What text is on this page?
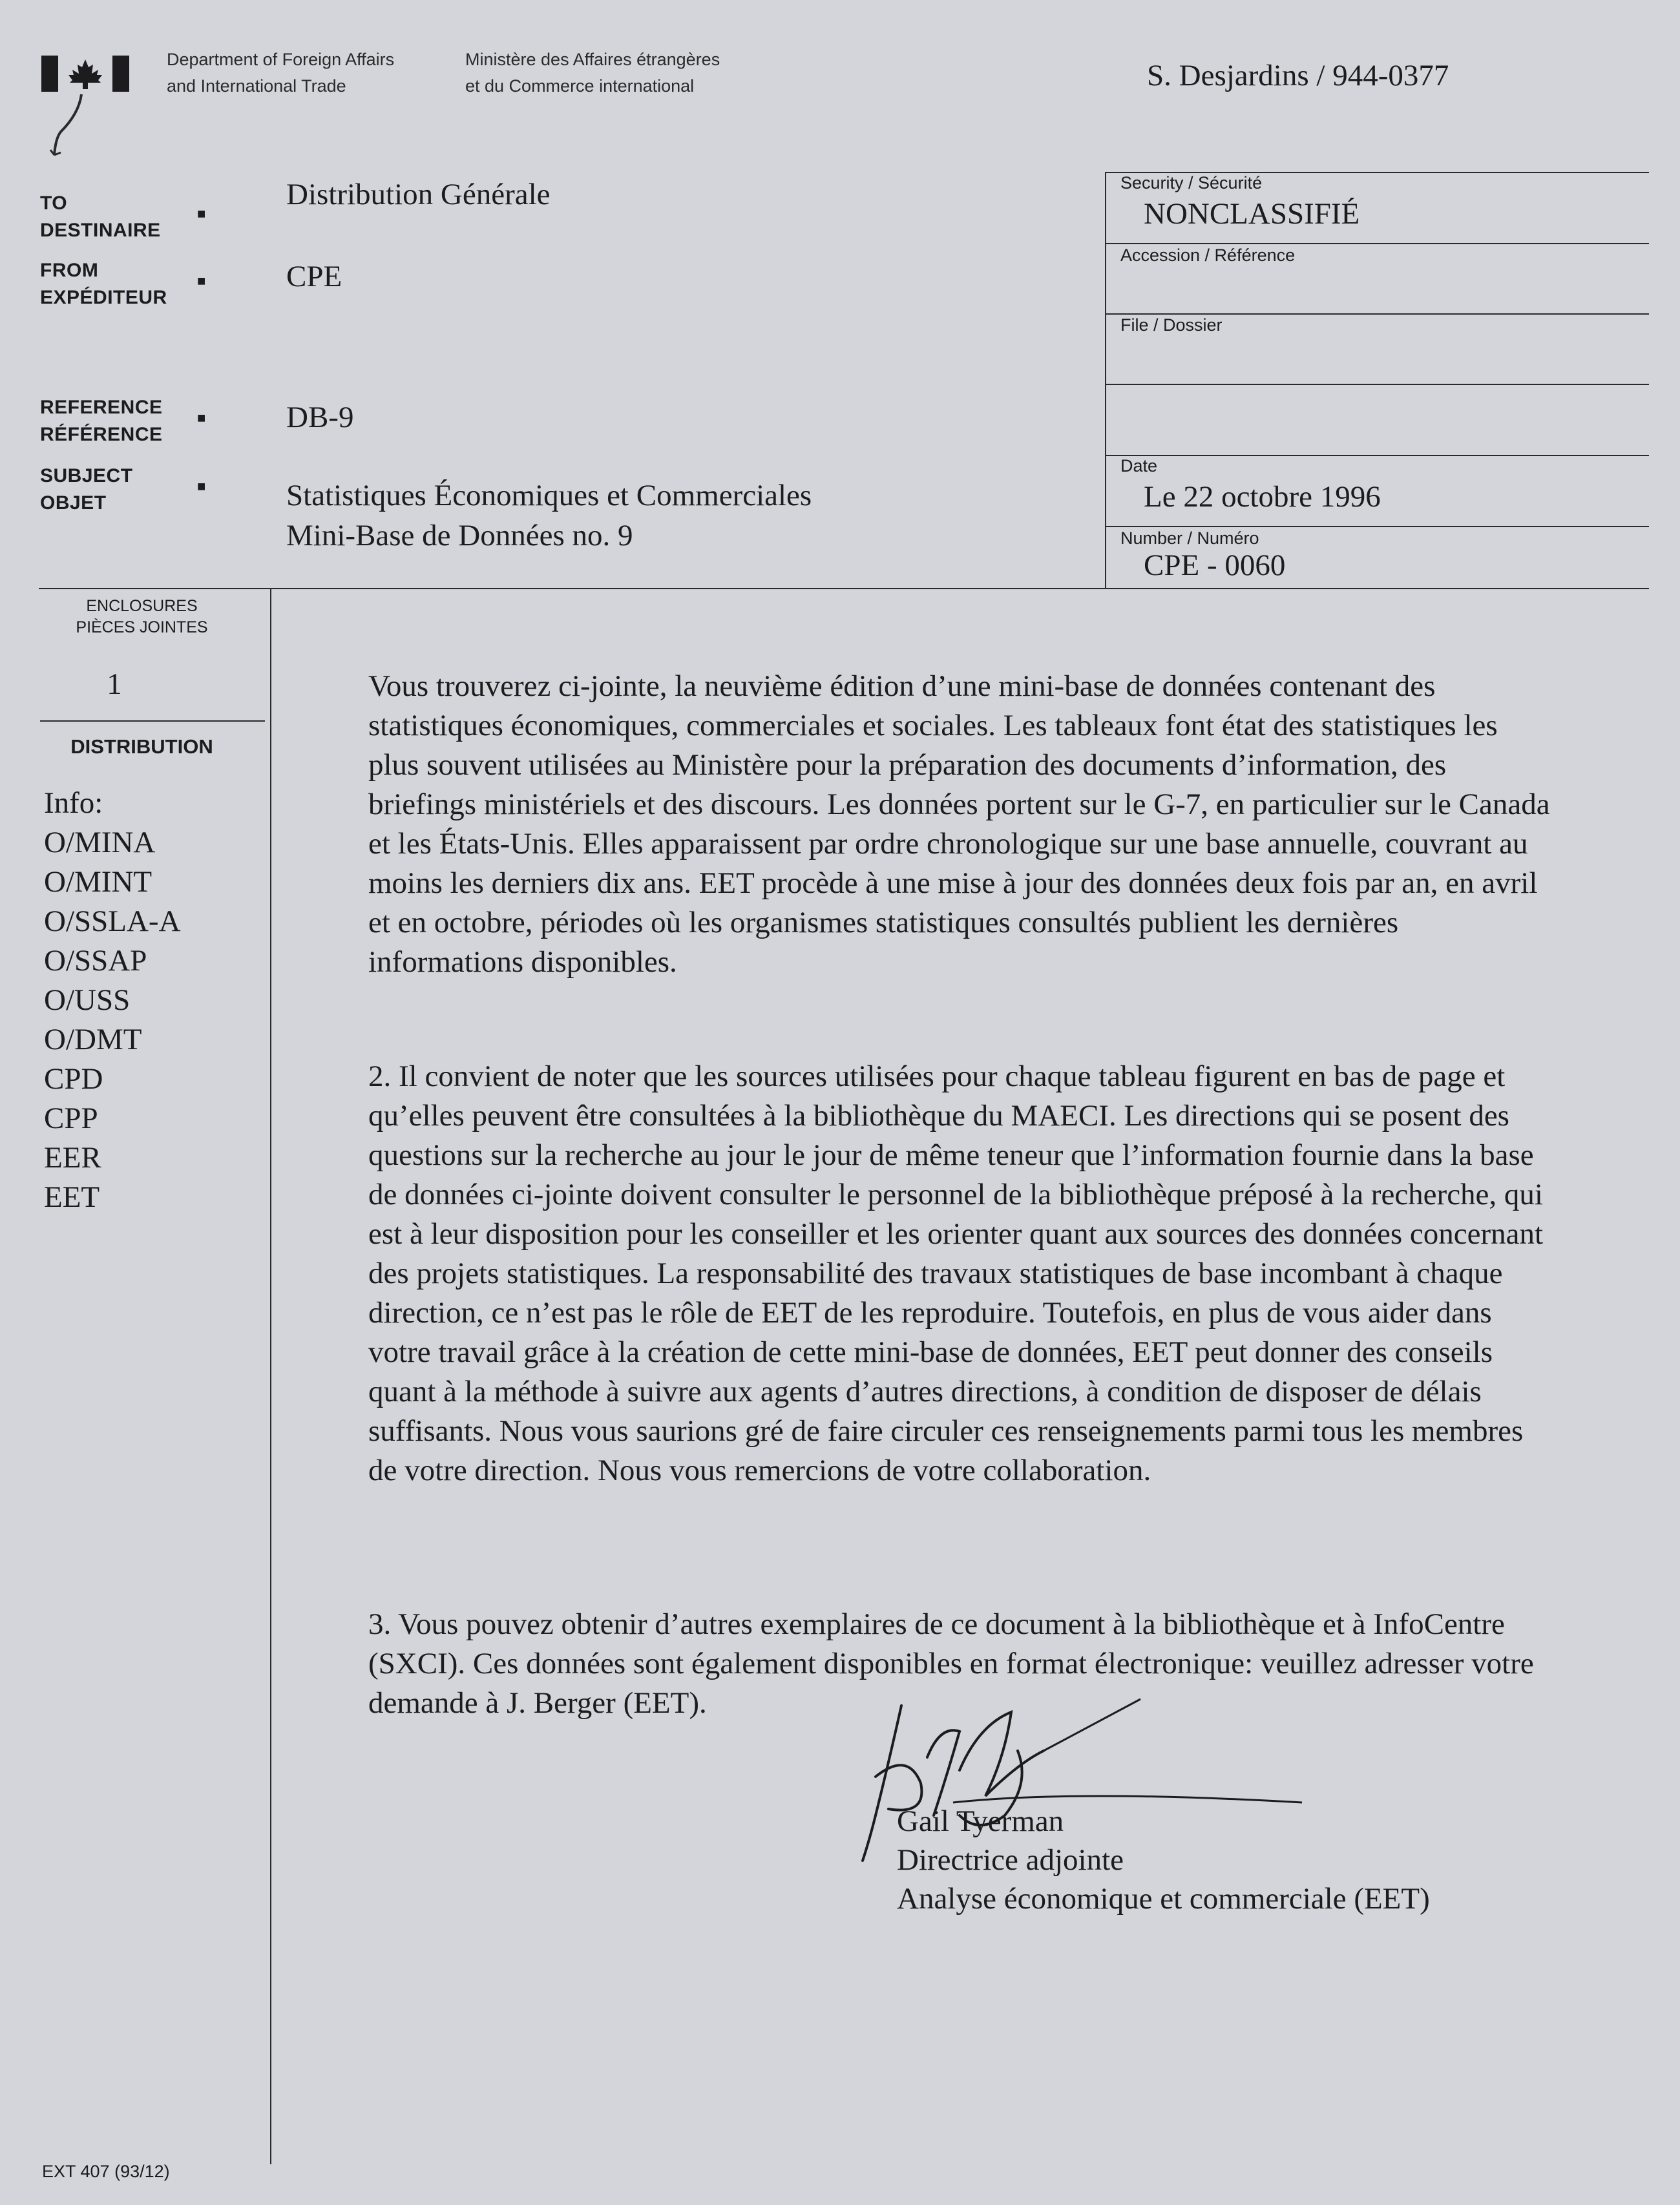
Department of Foreign Affairs
and International Trade
Ministère des Affaires étrangères
et du Commerce international	S. Desjardins / 944-0377
TO
DESTINAIRE
■
Distribution Générale
FROM
EXPÉDITEUR
■	CPE
REFERENCE
RÉFÉRENCE
■	DB-9
SUBJECT
OBJET
■	Statistiques Économiques et Commerciales
Mini-Base de Données no. 9
Security / Sécurité
NONCLASSIFIÉ
Accession / Référence
File / Dossier
Date
Le 22 octobre 1996
Number / Numéro
CPE - 0060
ENCLOSURES
PIÈCES JOINTES
1
DISTRIBUTION
Info:
O/MINA
O/MINT
O/SSLA-A
O/SSAP
O/USS
O/DMT
CPD
CPP
EER
EET

Vous trouverez ci-jointe, la neuvième édition d’une mini-base de données contenant des statistiques économiques, commerciales et sociales. Les tableaux font état des statistiques les plus souvent utilisées au Ministère pour la préparation des documents d’information, des briefings ministériels et des discours. Les données portent sur le G-7, en particulier sur le Canada et les États-Unis. Elles apparaissent par ordre chronologique sur une base annuelle, couvrant au moins les derniers dix ans. EET procède à une mise à jour des données deux fois par an, en avril et en octobre, périodes où les organismes statistiques consultés publient les dernières informations disponibles.

2. Il convient de noter que les sources utilisées pour chaque tableau figurent en bas de page et qu’elles peuvent être consultées à la bibliothèque du MAECI. Les directions qui se posent des questions sur la recherche au jour le jour de même teneur que l’information fournie dans la base de données ci-jointe doivent consulter le personnel de la bibliothèque préposé à la recherche, qui est à leur disposition pour les conseiller et les orienter quant aux sources des données concernant des projets statistiques. La responsabilité des travaux statistiques de base incombant à chaque direction, ce n’est pas le rôle de EET de les reproduire. Toutefois, en plus de vous aider dans votre travail grâce à la création de cette mini-base de données, EET peut donner des conseils quant à la méthode à suivre aux agents d’autres directions, à condition de disposer de délais suffisants. Nous vous saurions gré de faire circuler ces renseignements parmi tous les membres de votre direction. Nous vous remercions de votre collaboration.

3. Vous pouvez obtenir d’autres exemplaires de ce document à la bibliothèque et à InfoCentre (SXCI). Ces données sont également disponibles en format électronique: veuillez adresser votre demande à J. Berger (EET).

Gail Tyerman
Directrice adjointe
Analyse économique et commerciale (EET)
EXT 407 (93/12)
